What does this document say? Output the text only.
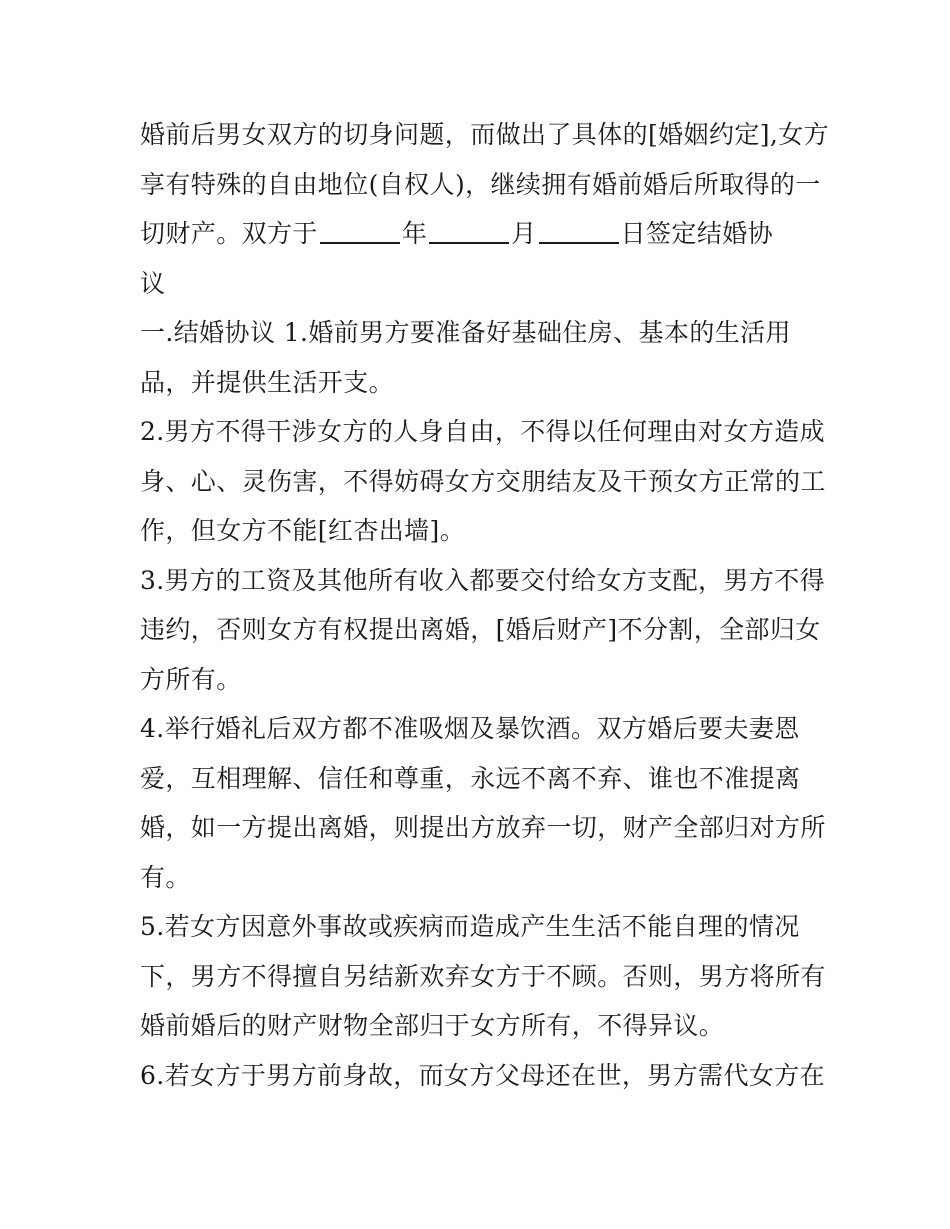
婚前后男女双方的切身问题，而做出了具体的[婚姻约定],女方
享有特殊的自由地位(自权人)，继续拥有婚前婚后所取得的一
切财产。双方于	年	月	日签定结婚协
议
一.结婚协议 1.婚前男方要准备好基础住房、基本的生活用
品，并提供生活开支。
2.男方不得干涉女方的人身自由，不得以任何理由对女方造成
身、心、灵伤害，不得妨碍女方交朋结友及干预女方正常的工
作，但女方不能[红杏出墙]。
3.男方的工资及其他所有收入都要交付给女方支配，男方不得
违约，否则女方有权提出离婚，[婚后财产]不分割，全部归女
方所有。
4.举行婚礼后双方都不准吸烟及暴饮酒。双方婚后要夫妻恩
爱，互相理解、信任和尊重，永远不离不弃、谁也不准提离
婚，如一方提出离婚，则提出方放弃一切，财产全部归对方所
有。
5.若女方因意外事故或疾病而造成产生生活不能自理的情况
下，男方不得擅自另结新欢弃女方于不顾。否则，男方将所有
婚前婚后的财产财物全部归于女方所有，不得异议。
6.若女方于男方前身故，而女方父母还在世，男方需代女方在
